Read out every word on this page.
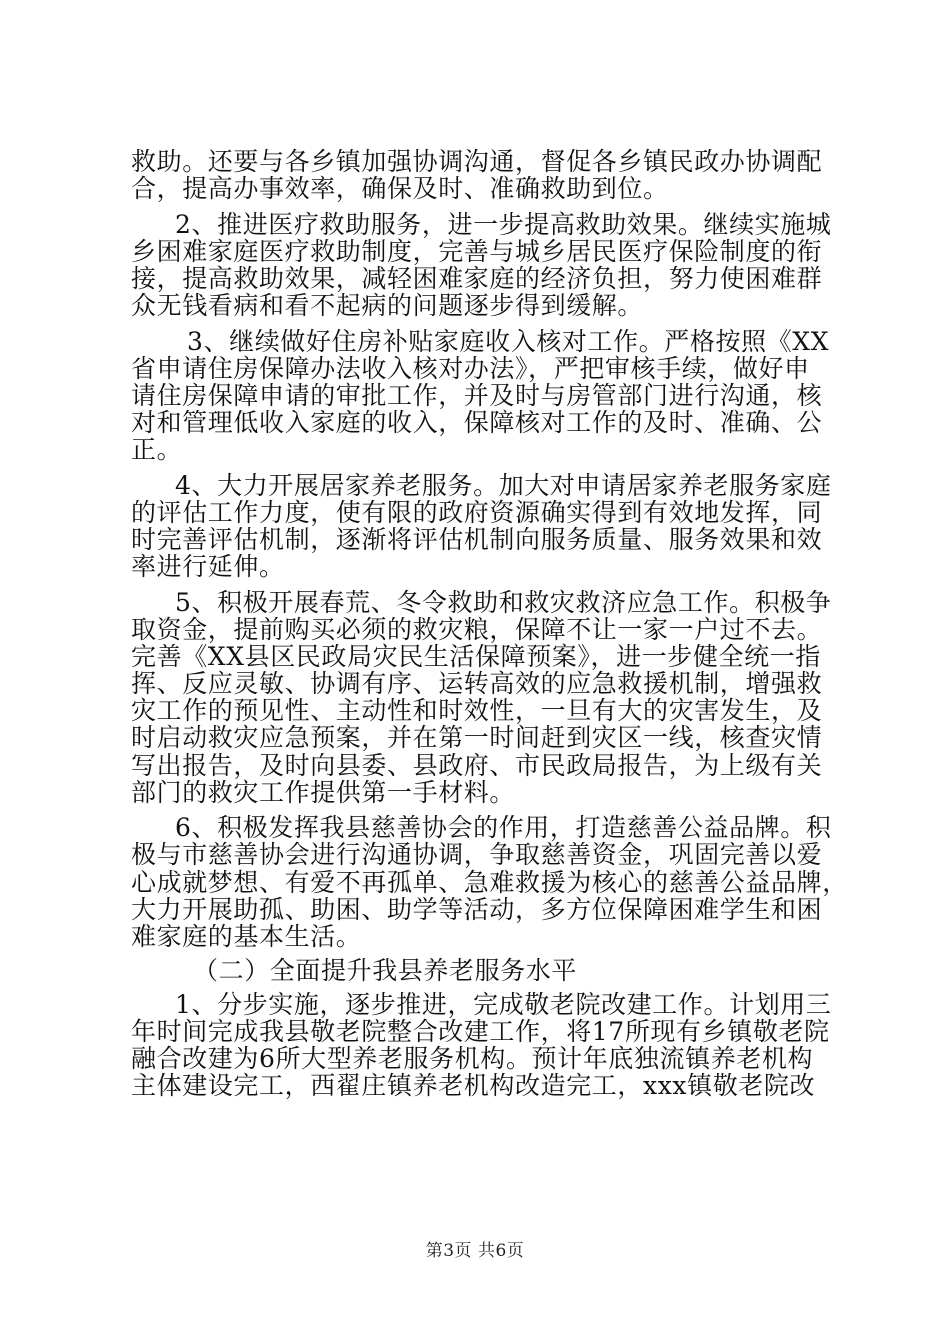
救助。还要与各乡镇加强协调沟通，督促各乡镇民政办协调配

合，提高办事效率，确保及时、准确救助到位。

2、推进医疗救助服务，进一步提高救助效果。继续实施城

乡困难家庭医疗救助制度，完善与城乡居民医疗保险制度的衔

接，提高救助效果，减轻困难家庭的经济负担，努力使困难群

众无钱看病和看不起病的问题逐步得到缓解。

3、继续做好住房补贴家庭收入核对工作。严格按照《XX

省申请住房保障办法收入核对办法》，严把审核手续，做好申

请住房保障申请的审批工作，并及时与房管部门进行沟通，核

对和管理低收入家庭的收入，保障核对工作的及时、准确、公

正。

4、大力开展居家养老服务。加大对申请居家养老服务家庭

的评估工作力度，使有限的政府资源确实得到有效地发挥，同

时完善评估机制，逐渐将评估机制向服务质量、服务效果和效

率进行延伸。

5、积极开展春荒、冬令救助和救灾救济应急工作。积极争

取资金，提前购买必须的救灾粮，保障不让一家一户过不去。

完善《XX县区民政局灾民生活保障预案》，进一步健全统一指

挥、反应灵敏、协调有序、运转高效的应急救援机制，增强救

灾工作的预见性、主动性和时效性，一旦有大的灾害发生，及

时启动救灾应急预案，并在第一时间赶到灾区一线，核查灾情

写出报告，及时向县委、县政府、市民政局报告，为上级有关

部门的救灾工作提供第一手材料。

6、积极发挥我县慈善协会的作用，打造慈善公益品牌。积

极与市慈善协会进行沟通协调，争取慈善资金，巩固完善以爱

心成就梦想、有爱不再孤单、急难救援为核心的慈善公益品牌，

大力开展助孤、助困、助学等活动，多方位保障困难学生和困

难家庭的基本生活。

（二）全面提升我县养老服务水平

1、分步实施，逐步推进，完成敬老院改建工作。计划用三

年时间完成我县敬老院整合改建工作，将17所现有乡镇敬老院

融合改建为6所大型养老服务机构。预计年底独流镇养老机构

主体建设完工，西翟庄镇养老机构改造完工，xxx镇敬老院改

第3页 共6页
